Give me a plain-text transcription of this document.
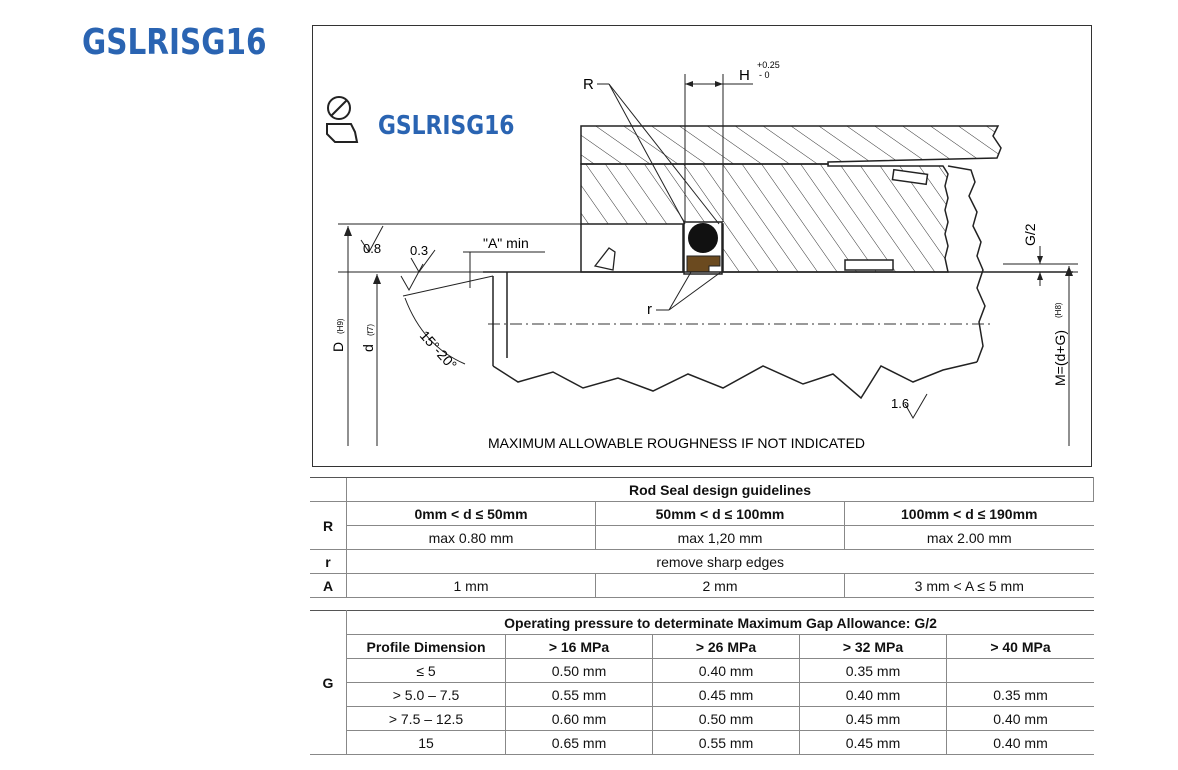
GSLRISG16
GSLRISG16
D
(H9)
d
(f7)
0.8 0.3
1.6
"A" min
15°-20°
H
+0.25
- 0
R
r
G/2
M=(d+G)
(H8)
MAXIMUM ALLOWABLE ROUGHNESS IF NOT INDICATED
	Rod Seal design guidelines		
R	0mm < d ≤ 50mm	50mm < d ≤ 100mm	100mm < d ≤ 190mm
	max 0.80 mm	max 1,20 mm	max 2.00 mm
r	remove sharp edges		
A	1 mm	2 mm	3 mm < A ≤ 5 mm
G	Operating pressure to determinate Maximum Gap Allowance: G/2				
	Profile Dimension	> 16 MPa	> 26 MPa	> 32 MPa	> 40 MPa
	≤ 5	0.50 mm	0.40 mm	0.35 mm	
	> 5.0 – 7.5	0.55 mm	0.45 mm	0.40 mm	0.35 mm
	> 7.5 – 12.5	0.60 mm	0.50 mm	0.45 mm	0.40 mm
	15	0.65 mm	0.55 mm	0.45 mm	0.40 mm
